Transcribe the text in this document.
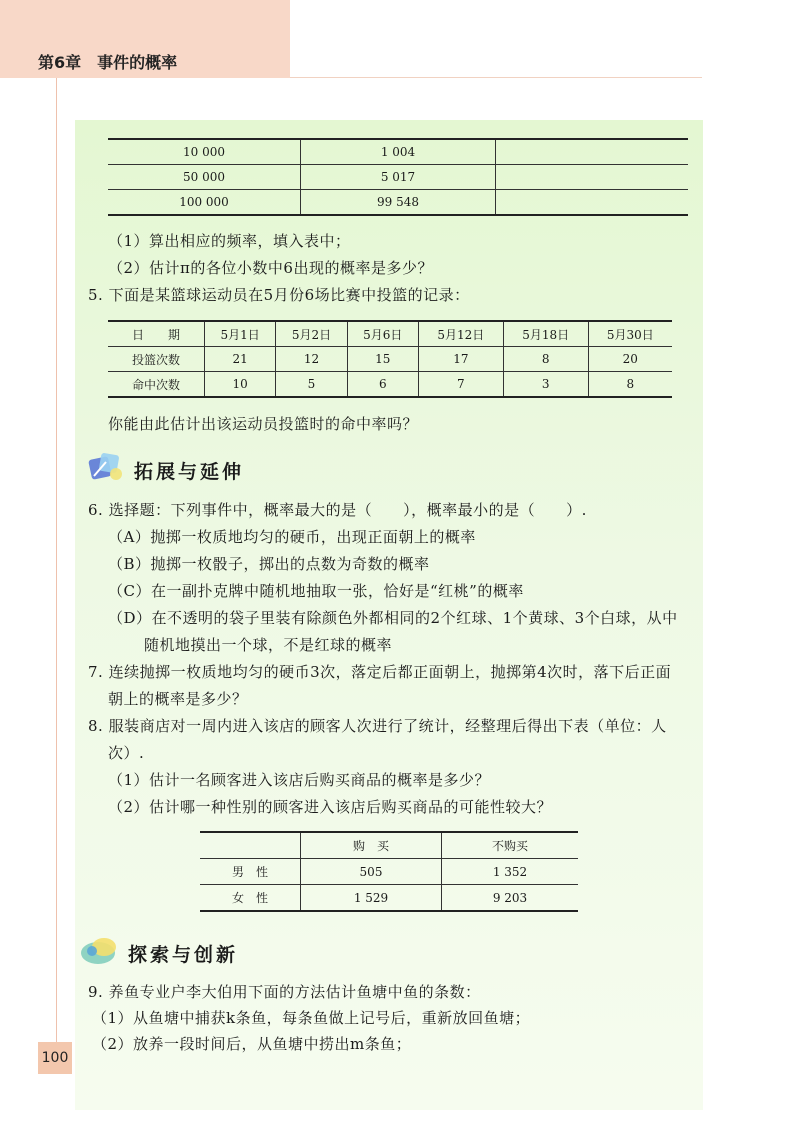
第6章　事件的概率
10 000	1 004	
50 000	5 017	
100 000	99 548	
（1）算出相应的频率，填入表中；
（2）估计π的各位小数中6出现的概率是多少？
5. 下面是某篮球运动员在5月份6场比赛中投篮的记录：
日　　期	5月1日	5月2日	5月6日	5月12日	5月18日	5月30日
投篮次数	21	12	15	17	8	20
命中次数	10	5	6	7	3	8
你能由此估计出该运动员投篮时的命中率吗？
拓展与延伸
6. 选择题：下列事件中，概率最大的是（　　），概率最小的是（　　）.
（A）抛掷一枚质地均匀的硬币，出现正面朝上的概率
（B）抛掷一枚骰子，掷出的点数为奇数的概率
（C）在一副扑克牌中随机地抽取一张，恰好是“红桃”的概率
（D）在不透明的袋子里装有除颜色外都相同的2个红球、1个黄球、3个白球，从中
随机地摸出一个球，不是红球的概率
7. 连续抛掷一枚质地均匀的硬币3次，落定后都正面朝上，抛掷第4次时，落下后正面
朝上的概率是多少？
8. 服装商店对一周内进入该店的顾客人次进行了统计，经整理后得出下表（单位：人
次）.
（1）估计一名顾客进入该店后购买商品的概率是多少？
（2）估计哪一种性别的顾客进入该店后购买商品的可能性较大？
	购　买	不购买
男　性	505	1 352
女　性	1 529	9 203
探索与创新
9. 养鱼专业户李大伯用下面的方法估计鱼塘中鱼的条数：
（1）从鱼塘中捕获k条鱼，每条鱼做上记号后，重新放回鱼塘；
（2）放养一段时间后，从鱼塘中捞出m条鱼；
100
